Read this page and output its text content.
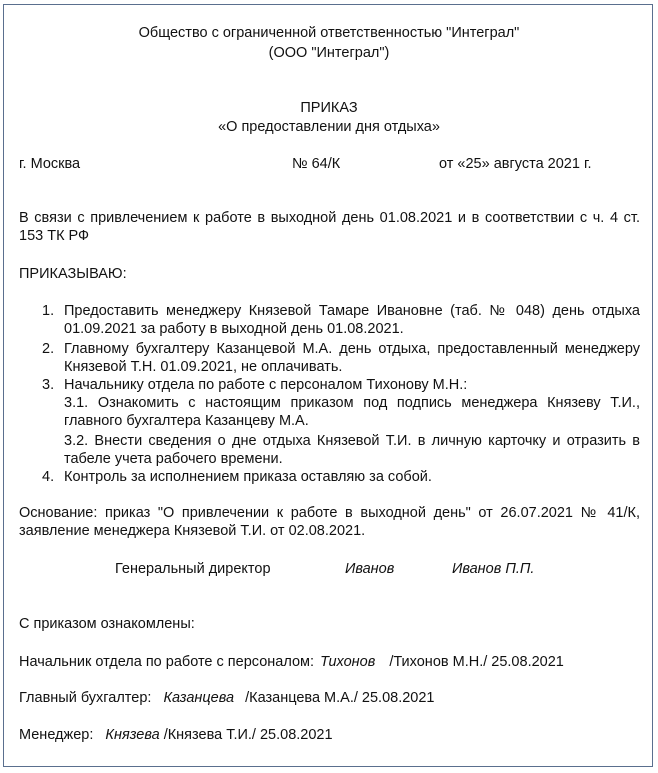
Общество с ограниченной ответственностью "Интеграл"
(ООО "Интеграл")
ПРИКАЗ
«О предоставлении дня отдыха»
г. Москва	№ 64/К	от «25» августа 2021 г.
В связи с привлечением к работе в выходной день 01.08.2021 и в соответствии с ч. 4 ст. 153 ТК РФ
ПРИКАЗЫВАЮ:
1. Предоставить менеджеру Князевой Тамаре Ивановне (таб. № 048) день отдыха 01.09.2021 за работу в выходной день 01.08.2021.
2. Главному бухгалтеру Казанцевой М.А. день отдыха, предоставленный менеджеру Князевой Т.Н. 01.09.2021, не оплачивать.
3. Начальнику отдела по работе с персоналом Тихонову М.Н.:
3.1. Ознакомить с настоящим приказом под подпись менеджера Князеву Т.И., главного бухгалтера Казанцеву М.А.
3.2. Внести сведения о дне отдыха Князевой Т.И. в личную карточку и отразить в табеле учета рабочего времени.
4. Контроль за исполнением приказа оставляю за собой.
Основание: приказ "О привлечении к работе в выходной день" от 26.07.2021 № 41/К, заявление менеджера Князевой Т.И. от 02.08.2021.
Генеральный директор	Иванов	Иванов П.П.
С приказом ознакомлены:
Начальник отдела по работе с персоналом: Тихонов /Тихонов М.Н./ 25.08.2021
Главный бухгалтер: Казанцева /Казанцева М.А./ 25.08.2021
Менеджер: Князева /Князева Т.И./ 25.08.2021
